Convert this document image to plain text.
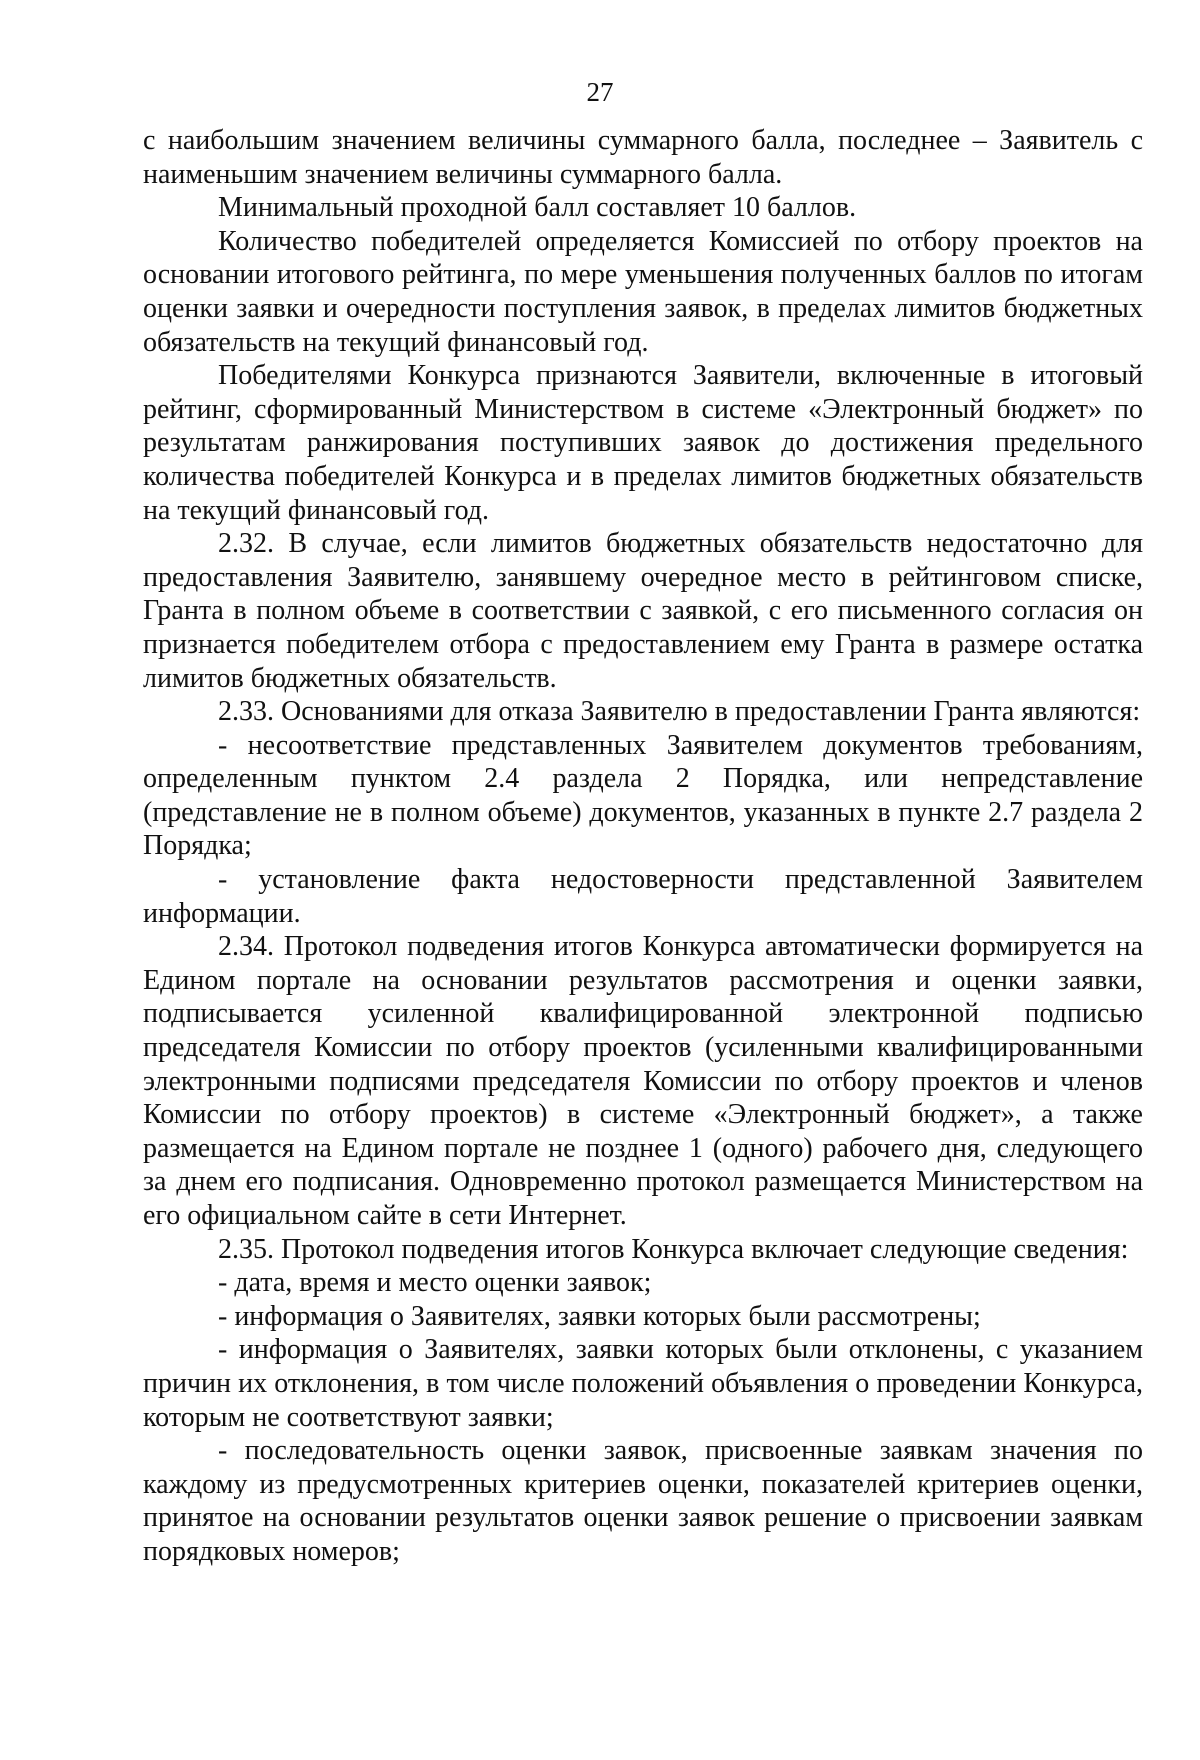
27

с наибольшим значением величины суммарного балла, последнее – Заявитель с наименьшим значением величины суммарного балла.

Минимальный проходной балл составляет 10 баллов.

Количество победителей определяется Комиссией по отбору проектов на основании итогового рейтинга, по мере уменьшения полученных баллов по итогам оценки заявки и очередности поступления заявок, в пределах лимитов бюджетных обязательств на текущий финансовый год.

Победителями Конкурса признаются Заявители, включенные в итоговый рейтинг, сформированный Министерством в системе «Электронный бюджет» по результатам ранжирования поступивших заявок до достижения предельного количества победителей Конкурса и в пределах лимитов бюджетных обязательств на текущий финансовый год.

2.32. В случае, если лимитов бюджетных обязательств недостаточно для предоставления Заявителю, занявшему очередное место в рейтинговом списке, Гранта в полном объеме в соответствии с заявкой, с его письменного согласия он признается победителем отбора с предоставлением ему Гранта в размере остатка лимитов бюджетных обязательств.

2.33. Основаниями для отказа Заявителю в предоставлении Гранта являются:

- несоответствие представленных Заявителем документов требованиям, определенным пунктом 2.4 раздела 2 Порядка, или непредставление (представление не в полном объеме) документов, указанных в пункте 2.7 раздела 2 Порядка;

- установление факта недостоверности представленной Заявителем информации.

2.34. Протокол подведения итогов Конкурса автоматически формируется на Едином портале на основании результатов рассмотрения и оценки заявки, подписывается усиленной квалифицированной электронной подписью председателя Комиссии по отбору проектов (усиленными квалифицированными электронными подписями председателя Комиссии по отбору проектов и членов Комиссии по отбору проектов) в системе «Электронный бюджет», а также размещается на Едином портале не позднее 1 (одного) рабочего дня, следующего за днем его подписания. Одновременно протокол размещается Министерством на его официальном сайте в сети Интернет.

2.35. Протокол подведения итогов Конкурса включает следующие сведения:

- дата, время и место оценки заявок;

- информация о Заявителях, заявки которых были рассмотрены;

- информация о Заявителях, заявки которых были отклонены, с указанием причин их отклонения, в том числе положений объявления о проведении Конкурса, которым не соответствуют заявки;

- последовательность оценки заявок, присвоенные заявкам значения по каждому из предусмотренных критериев оценки, показателей критериев оценки, принятое на основании результатов оценки заявок решение о присвоении заявкам порядковых номеров;
